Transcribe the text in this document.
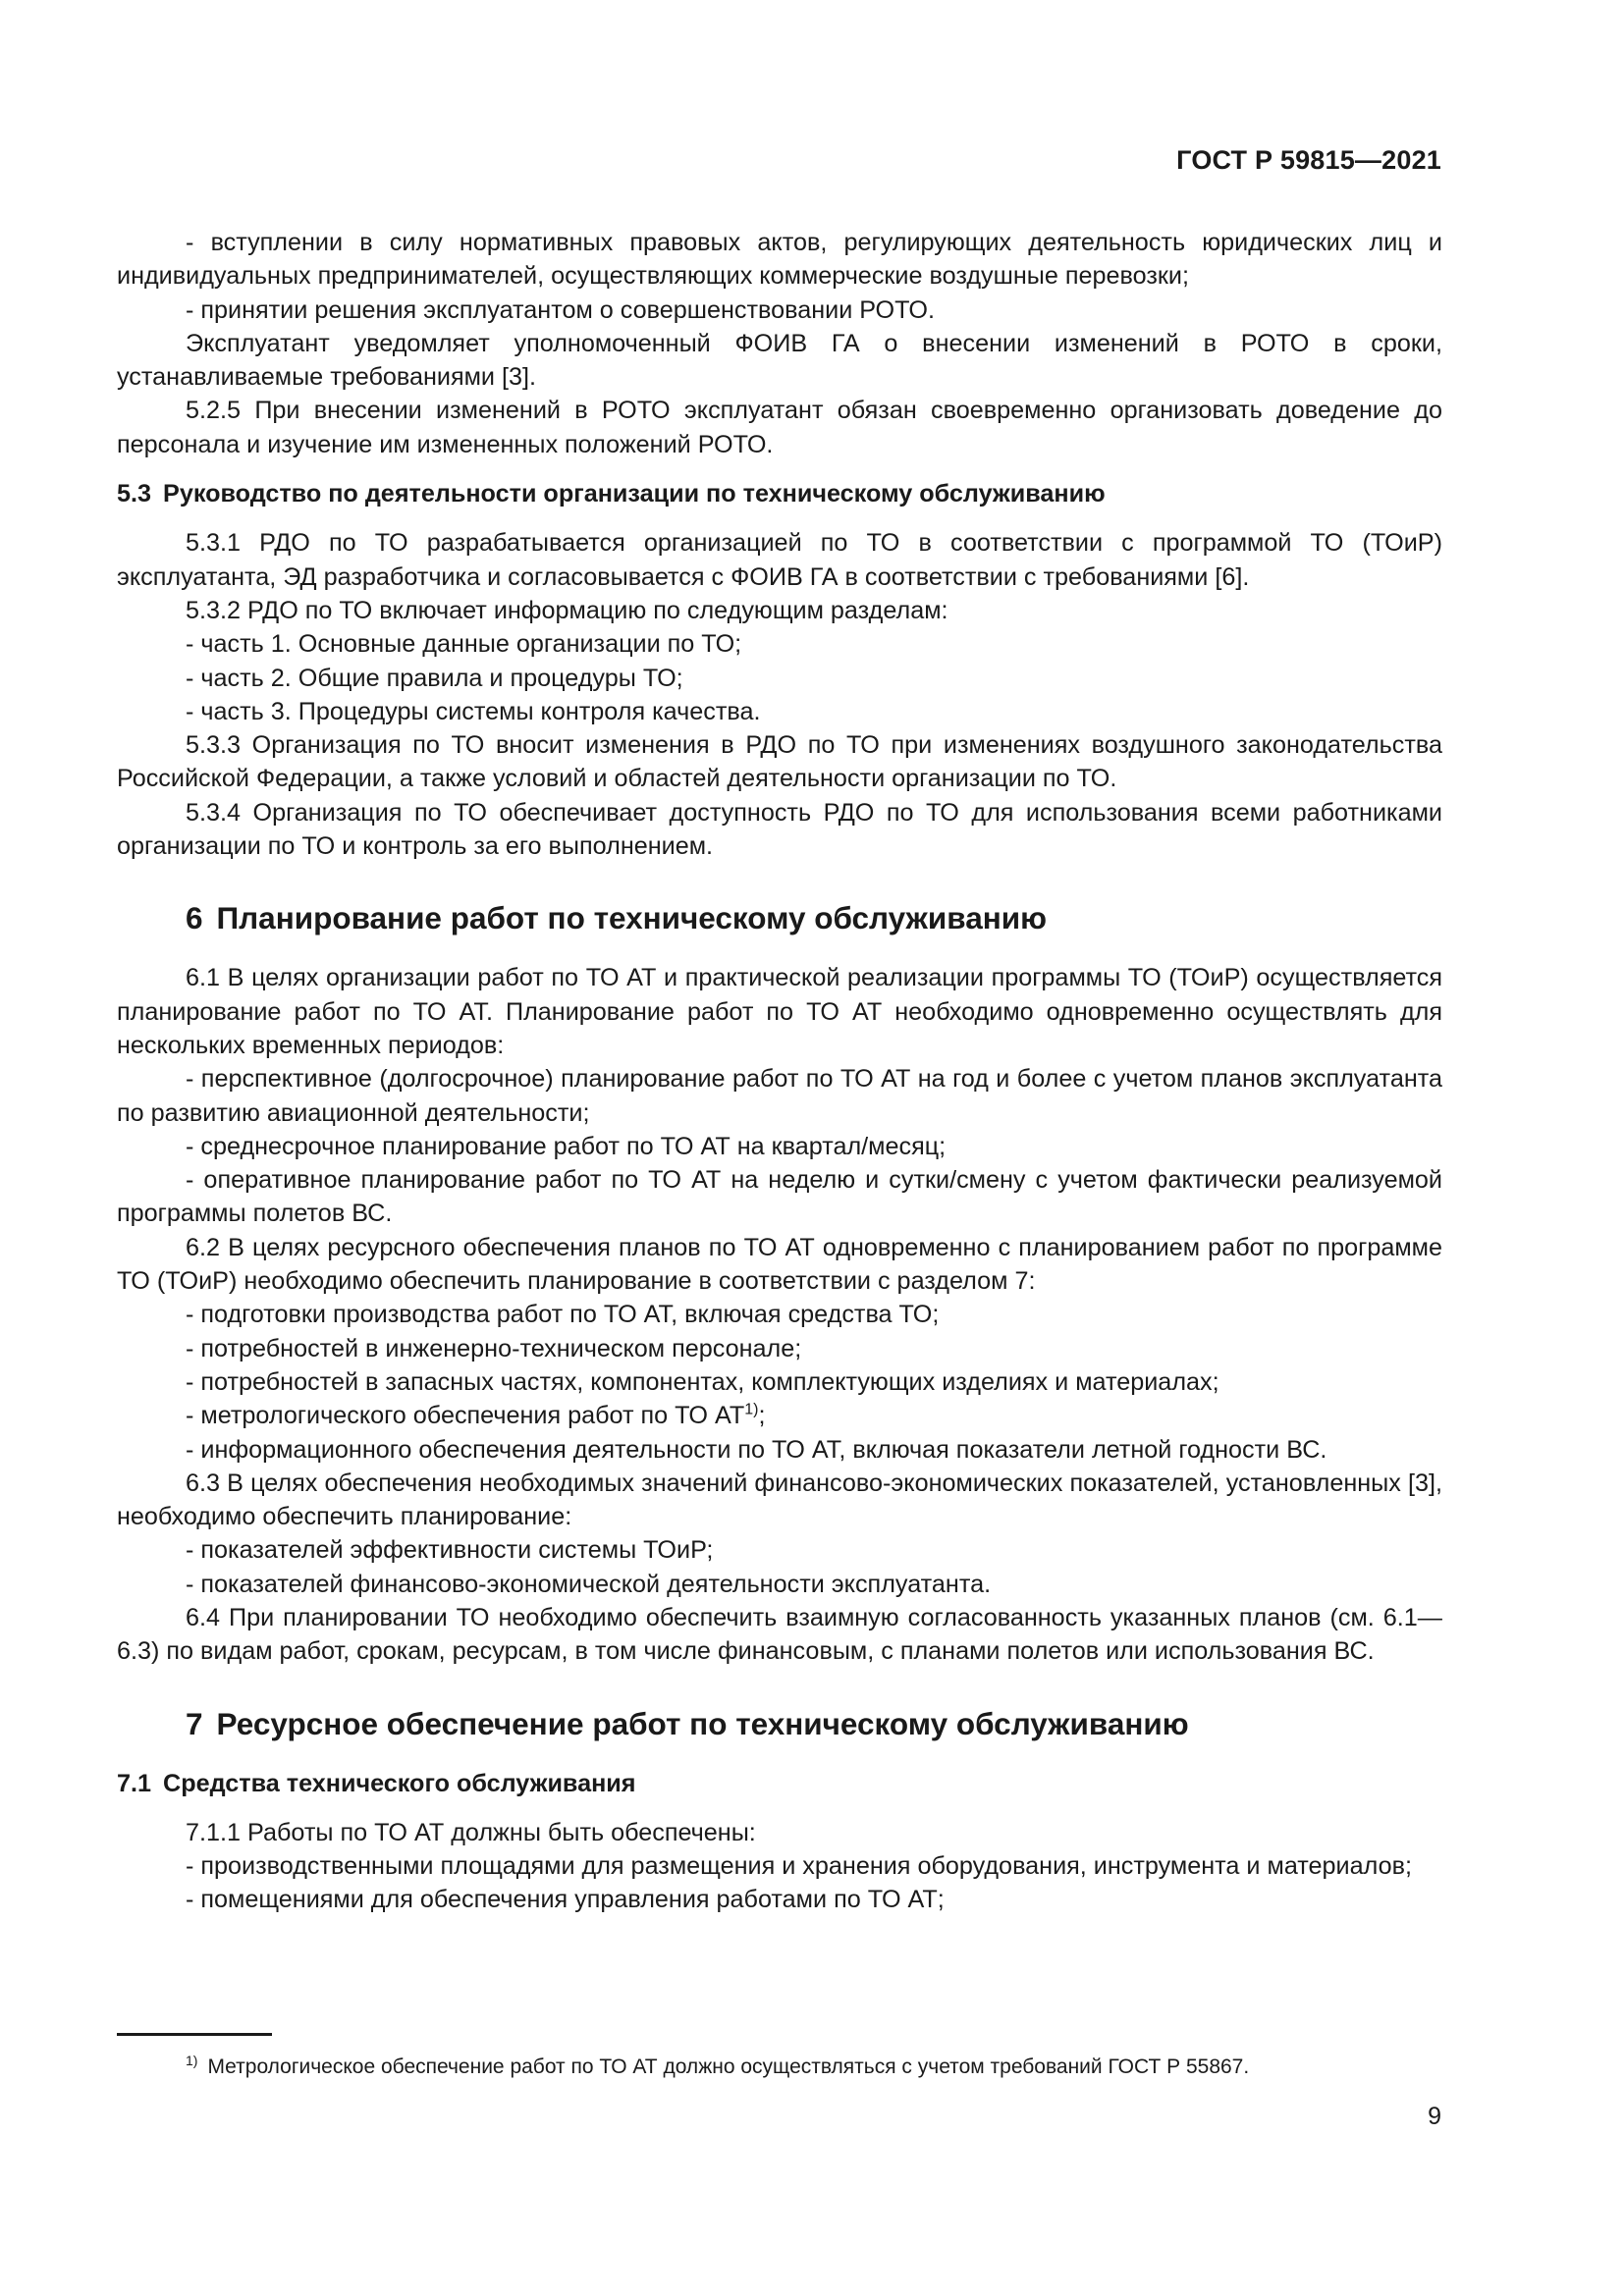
ГОСТ Р 59815—2021

- вступлении в силу нормативных правовых актов, регулирующих деятельность юридических лиц и индивидуальных предпринимателей, осуществляющих коммерческие воздушные перевозки;

- принятии решения эксплуатантом о совершенствовании РОТО.

Эксплуатант уведомляет уполномоченный ФОИВ ГА о внесении изменений в РОТО в сроки, устанавливаемые требованиями [3].

5.2.5 При внесении изменений в РОТО эксплуатант обязан своевременно организовать доведение до персонала и изучение им измененных положений РОТО.

5.3 Руководство по деятельности организации по техническому обслуживанию

5.3.1 РДО по ТО разрабатывается организацией по ТО в соответствии с программой ТО (ТОиР) эксплуатанта, ЭД разработчика и согласовывается с ФОИВ ГА в соответствии с требованиями [6].

5.3.2 РДО по ТО включает информацию по следующим разделам:

- часть 1. Основные данные организации по ТО;

- часть 2. Общие правила и процедуры ТО;

- часть 3. Процедуры системы контроля качества.

5.3.3 Организация по ТО вносит изменения в РДО по ТО при изменениях воздушного законодательства Российской Федерации, а также условий и областей деятельности организации по ТО.

5.3.4 Организация по ТО обеспечивает доступность РДО по ТО для использования всеми работниками организации по ТО и контроль за его выполнением.

6 Планирование работ по техническому обслуживанию

6.1 В целях организации работ по ТО АТ и практической реализации программы ТО (ТОиР) осуществляется планирование работ по ТО АТ. Планирование работ по ТО АТ необходимо одновременно осуществлять для нескольких временных периодов:

- перспективное (долгосрочное) планирование работ по ТО АТ на год и более с учетом планов эксплуатанта по развитию авиационной деятельности;

- среднесрочное планирование работ по ТО АТ на квартал/месяц;

- оперативное планирование работ по ТО АТ на неделю и сутки/смену с учетом фактически реализуемой программы полетов ВС.

6.2 В целях ресурсного обеспечения планов по ТО АТ одновременно с планированием работ по программе ТО (ТОиР) необходимо обеспечить планирование в соответствии с разделом 7:

- подготовки производства работ по ТО АТ, включая средства ТО;

- потребностей в инженерно-техническом персонале;

- потребностей в запасных частях, компонентах, комплектующих изделиях и материалах;

- метрологического обеспечения работ по ТО АТ$^{1)}$;

- информационного обеспечения деятельности по ТО АТ, включая показатели летной годности ВС.

6.3 В целях обеспечения необходимых значений финансово-экономических показателей, установленных [3], необходимо обеспечить планирование:

- показателей эффективности системы ТОиР;

- показателей финансово-экономической деятельности эксплуатанта.

6.4 При планировании ТО необходимо обеспечить взаимную согласованность указанных планов (см. 6.1—6.3) по видам работ, срокам, ресурсам, в том числе финансовым, с планами полетов или использования ВС.

7 Ресурсное обеспечение работ по техническому обслуживанию

7.1 Средства технического обслуживания

7.1.1 Работы по ТО АТ должны быть обеспечены:

- производственными площадями для размещения и хранения оборудования, инструмента и материалов;

- помещениями для обеспечения управления работами по ТО АТ;

$^{1)}$ Метрологическое обеспечение работ по ТО АТ должно осуществляться с учетом требований ГОСТ Р 55867.
9
